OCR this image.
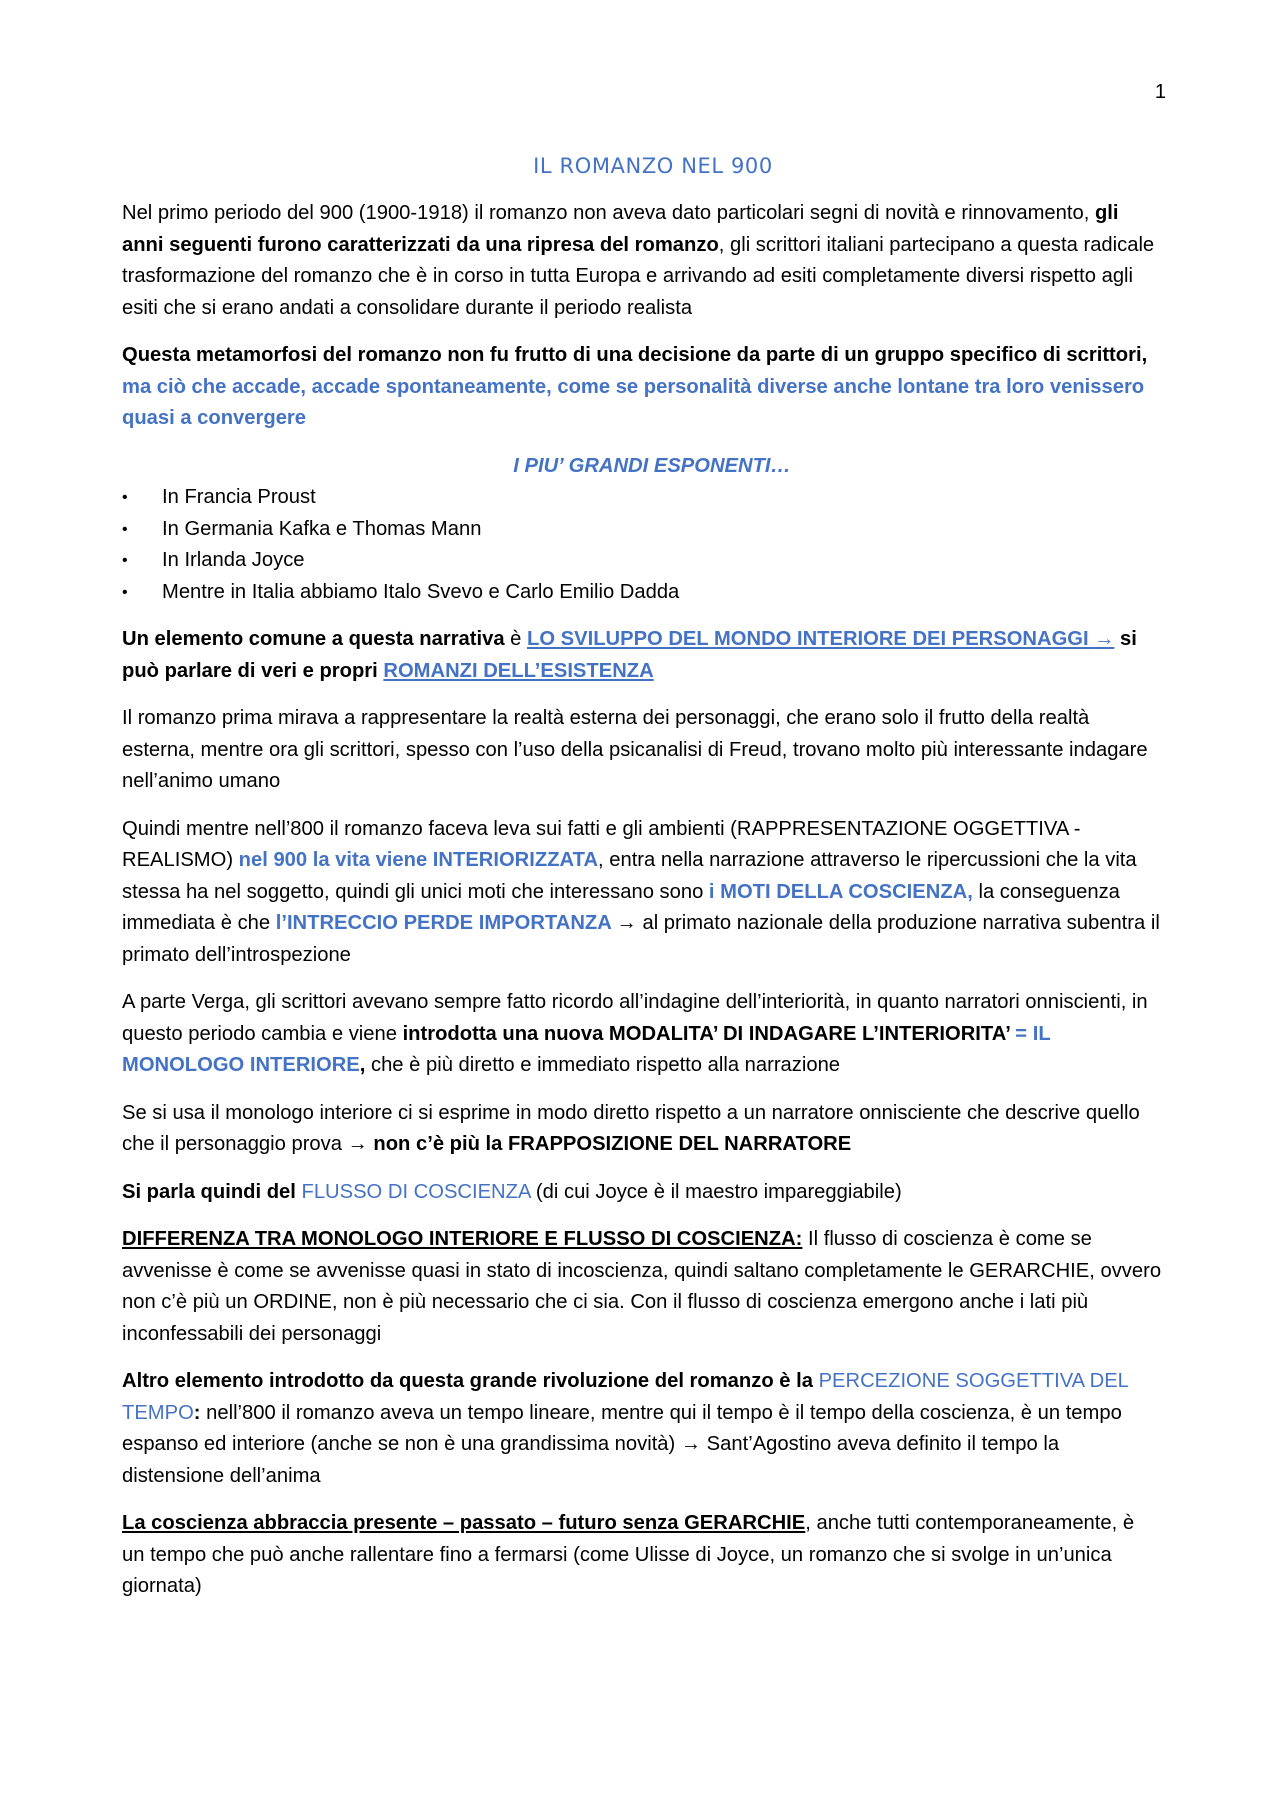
1
IL ROMANZO NEL 900

Nel primo periodo del 900 (1900-1918) il romanzo non aveva dato particolari segni di novità e rinnovamento, gli anni seguenti furono caratterizzati da una ripresa del romanzo, gli scrittori italiani partecipano a questa radicale trasformazione del romanzo che è in corso in tutta Europa e arrivando ad esiti completamente diversi rispetto agli esiti che si erano andati a consolidare durante il periodo realista

Questa metamorfosi del romanzo non fu frutto di una decisione da parte di un gruppo specifico di scrittori, ma ciò che accade, accade spontaneamente, come se personalità diverse anche lontane tra loro venissero quasi a convergere

I PIU’ GRANDI ESPONENTI…

• In Francia Proust
• In Germania Kafka e Thomas Mann
• In Irlanda Joyce
• Mentre in Italia abbiamo Italo Svevo e Carlo Emilio Dadda

Un elemento comune a questa narrativa è LO SVILUPPO DEL MONDO INTERIORE DEI PERSONAGGI → si può parlare di veri e propri ROMANZI DELL’ESISTENZA

Il romanzo prima mirava a rappresentare la realtà esterna dei personaggi, che erano solo il frutto della realtà esterna, mentre ora gli scrittori, spesso con l’uso della psicanalisi di Freud, trovano molto più interessante indagare nell’animo umano

Quindi mentre nell’800 il romanzo faceva leva sui fatti e gli ambienti (RAPPRESENTAZIONE OGGETTIVA - REALISMO) nel 900 la vita viene INTERIORIZZATA, entra nella narrazione attraverso le ripercussioni che la vita stessa ha nel soggetto, quindi gli unici moti che interessano sono i MOTI DELLA COSCIENZA, la conseguenza immediata è che l’INTRECCIO PERDE IMPORTANZA → al primato nazionale della produzione narrativa subentra il primato dell’introspezione

A parte Verga, gli scrittori avevano sempre fatto ricordo all’indagine dell’interiorità, in quanto narratori onniscienti, in questo periodo cambia e viene introdotta una nuova MODALITA’ DI INDAGARE L’INTERIORITA’ = IL MONOLOGO INTERIORE, che è più diretto e immediato rispetto alla narrazione

Se si usa il monologo interiore ci si esprime in modo diretto rispetto a un narratore onnisciente che descrive quello che il personaggio prova → non c’è più la FRAPPOSIZIONE DEL NARRATORE

Si parla quindi del FLUSSO DI COSCIENZA (di cui Joyce è il maestro impareggiabile)

DIFFERENZA TRA MONOLOGO INTERIORE E FLUSSO DI COSCIENZA: Il flusso di coscienza è come se avvenisse è come se avvenisse quasi in stato di incoscienza, quindi saltano completamente le GERARCHIE, ovvero non c’è più un ORDINE, non è più necessario che ci sia. Con il flusso di coscienza emergono anche i lati più inconfessabili dei personaggi

Altro elemento introdotto da questa grande rivoluzione del romanzo è la PERCEZIONE SOGGETTIVA DEL TEMPO: nell’800 il romanzo aveva un tempo lineare, mentre qui il tempo è il tempo della coscienza, è un tempo espanso ed interiore (anche se non è una grandissima novità) → Sant’Agostino aveva definito il tempo la distensione dell’anima

La coscienza abbraccia presente – passato – futuro senza GERARCHIE, anche tutti contemporaneamente, è un tempo che può anche rallentare fino a fermarsi (come Ulisse di Joyce, un romanzo che si svolge in un’unica giornata)
